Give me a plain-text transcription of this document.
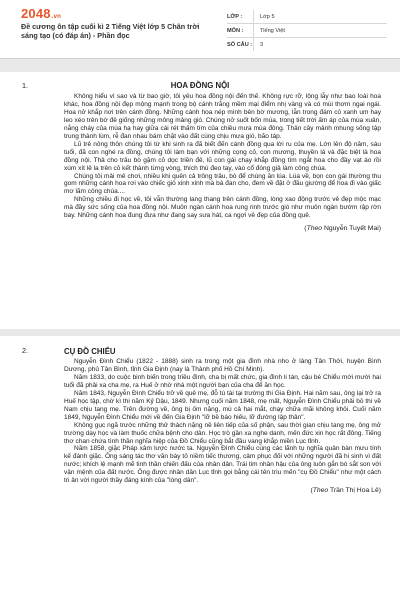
2048.vn
Đề cương ôn tập cuối kì 2 Tiếng Việt lớp 5 Chân trời sáng tạo (có đáp án) - Phần đọc
LỚP :	Lớp 5
MÔN :	Tiếng Việt
SỐ CÂU :	3
1.	HOA ĐỒNG NỘI

Không hiểu vì sao và từ bao giờ, tôi yêu hoa đồng nội đến thế. Không rực rỡ, lộng lẫy như bao loài hoa khác, hoa đồng nội đẹp mộng mạnh trong bộ cánh trắng mềm mại điểm nhị vàng và có mùi thơm ngai ngái. Hoa nở khắp nơi trên cánh đồng. Những cánh hoa nép mình bên bờ mương, lẫn trong đám cỏ xanh um hay leo xéo trên bờ đê giống những mông mảng gió. Chúng nở suốt bốn mùa, trong tiết trời ấm áp của mùa xuân, nắng cháy của mùa hạ hay giữa cái rét thấm tím của chiều mưa mùa đông. Thân cây mảnh mhung sống tập trung thành lùm, rễ đan nhau bám chặt vào đất cùng chịu mưa gió, bão táp.

Lũ trẻ nông thôn chúng tôi từ khi sinh ra đã biết đến cánh đồng qua lời ru của mẹ. Lớn lên độ năm, sáu tuổi, đã con nghé ra đồng, chúng tôi làm bạn với những cọng cỏ, con mương, thuyền lá và đặc biệt là hoa đồng nội. Thả cho trâu bò gặm cỏ dọc triền đê, lũ con gái chạy khắp đồng tìm ngắt hoa cho đầy vạt áo rồi xúm xít lê la trên cỏ kết thành từng vòng, thích thú đeo tay, vào cổ đóng giả làm công chúa.

Chúng tôi mải mê chơi, nhiều khi quên cả trông trâu, bò để chúng ăn lúa. Lúa về, bọn con gái thường thu gom những cánh hoa rơi vào chiếc giỏ xinh xinh mà bà đan cho, đem về đặt ở đầu giường để hoa đi vào giấc mơ lãm công chúa....

Những chiều đi học về, tôi vẫn thường lang thang trên cánh đồng, lòng xao động trước vẻ đẹp mộc mạc mà đầy sức sống của hoa đồng nội. Muôn ngàn cánh hoa rung rinh trước gió như muôn ngàn bướm rập rờn bay. Những cánh hoa đung đưa như đang say sưa hát, ca ngợi vẻ đẹp của đồng quê.

(Theo Nguyễn Tuyết Mai)
2.	CỤ ĐỒ CHIỂU

Nguyễn Đình Chiểu (1822 - 1888) sinh ra trong một gia đình nhà nho ở làng Tân Thới, huyện Bình Dương, phủ Tân Bình, tỉnh Gia Định (nay là Thành phố Hồ Chí Minh).

Năm 1833, do cuộc binh biến trong triều đình, cha bị mất chức, gia đình li tán, cậu bé Chiểu mới mười hai tuổi đã phải xa cha mẹ, ra Huế ở nhờ nhà một người bạn của cha để ăn học.

Năm 1843, Nguyễn Đình Chiểu trở về quê mẹ, đỗ tú tài tại trường thi Gia Định. Hai năm sau, ông lại trở ra Huế học tập, chờ kì thi năm Kỷ Dậu, 1849. Nhưng cuối năm 1848, mẹ mất, Nguyễn Đình Chiểu phải bỏ thi về Nam chịu tang mẹ. Trên đường về, ông bị ốm nặng, mù cả hai mắt, chạy chữa mãi không khỏi. Cuối năm 1849, Nguyễn Đình Chiểu mới về đến Gia Định "lỡ bề báo hiếu, lỡ đường lập thân".

Không gục ngã trước những thử thách nặng nề liên tiếp của số phận, sau thời gian chịu tang mẹ, ông mở trường dạy học và làm thuốc chữa bệnh cho dân. Học trò gần xa nghe danh, mến đức xin học rất đông. Tiếng thơ chan chứa tình thần nghĩa hiệp của Đồ Chiểu cũng bắt đầu vang khắp miền Lục tỉnh.

Năm 1858, giặc Pháp xâm lược nước ta. Nguyễn Đình Chiểu cùng các lãnh tụ nghĩa quân bàn mưu tính kế đánh giặc. Ông sáng tác thơ văn bày tỏ niềm tiếc thương, cảm phục đối với những người đã hi sinh vì đất nước; khích lệ mạnh mẽ tinh thần chiến đấu của nhân dân. Trái tim nhân hậu của ông luôn gắn bó sắt son với vận mệnh của đất nước. Ông được nhân dân Lục tỉnh gọi bằng cái tên trìu mến "cụ Đồ Chiểu" như một cách tri ân với người thầy đáng kính của "lòng dân".

(Theo Trần Thị Hoa Lê)
